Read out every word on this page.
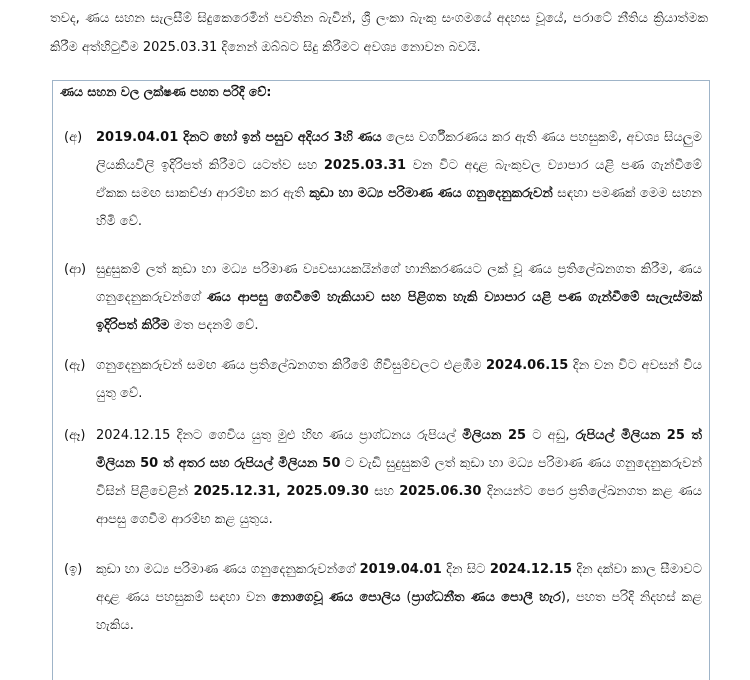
තවද, ණය සහන සැලසීම් සිදුකෙරෙමින් පවතින බැවින්, ශ්‍රී ලංකා බැංකු සංගමයේ අදහස වූයේ, පරාටේ නීතිය ක්‍රියාත්මක කිරීම අත්හිටුවීම 2025.03.31 දිනෙන් ඔබ්බට සිදු කිරීමට අවශ්‍ය නොවන බවයි.
ණය සහන වල ලක්ෂණ පහත පරිදි වේ:
(අ)	2019.04.01 දිනට හෝ ඉන් පසුව අදියර 3හි ණය ලෙස වර්ගීකරණය කර ඇති ණය පහසුකම්, අවශ්‍ය සියලුම ලියකියවිලි ඉදිරිපත් කිරීමට යටත්ව සහ 2025.03.31 වන විට අදාළ බැංකුවල ව්‍යාපාර යළි පණ ගැන්වීමේ ඒකක සමඟ සාකච්ඡා ආරම්භ කර ඇති කුඩා හා මධ්‍ය පරිමාණ ණය ගනුදෙනුකරුවන් සඳහා පමණක් මෙම සහන හිමි වේ.
(ආ) සුදුසුකම් ලත් කුඩා හා මධ්‍ය පරිමාණ ව්‍යවසායකයින්ගේ හානිකරණයට ලක් වූ ණය ප්‍රතිලේඛනගත කිරීම, ණය ගනුදෙනුකරුවන්ගේ ණය ආපසු ගෙවීමේ හැකියාව සහ පිළිගත හැකි ව්‍යාපාර යළි පණ ගැන්වීමේ සැලැස්මක් ඉදිරිපත් කිරීම මත පදනම් වේ.
(ඇ) ගනුදෙනුකරුවන් සමඟ ණය ප්‍රතිලේඛනගත කිරීමේ ගිවිසුම්වලට එළඹීම 2024.06.15 දින වන විට අවසන් විය යුතු වේ.
(ඈ) 2024.12.15 දිනට ගෙවිය යුතු මුළු හිඟ ණය ප්‍රාග්ධනය රුපියල් මිලියන 25 ට අඩු, රුපියල් මිලියන 25 ත් මිලියන 50 ත් අතර සහ රුපියල් මිලියන 50 ට වැඩි සුදුසුකම් ලත් කුඩා හා මධ්‍ය පරිමාණ ණය ගනුදෙනුකරුවන් විසින් පිළිවෙළින් 2025.12.31, 2025.09.30 සහ 2025.06.30 දිනයන්ට පෙර ප්‍රතිලේඛනගත කළ ණය ආපසු ගෙවීම ආරම්භ කළ යුතුය.
(ඉ)	කුඩා හා මධ්‍ය පරිමාණ ණය ගනුදෙනුකරුවන්ගේ 2019.04.01 දින සිට 2024.12.15 දින දක්වා කාල සීමාවට අදාළ ණය පහසුකම් සඳහා වන නොගෙවූ ණය පොලිය (ප්‍රාග්ධනීත ණය පොලී හැර), පහත පරිදි නිදහස් කළ හැකිය.
